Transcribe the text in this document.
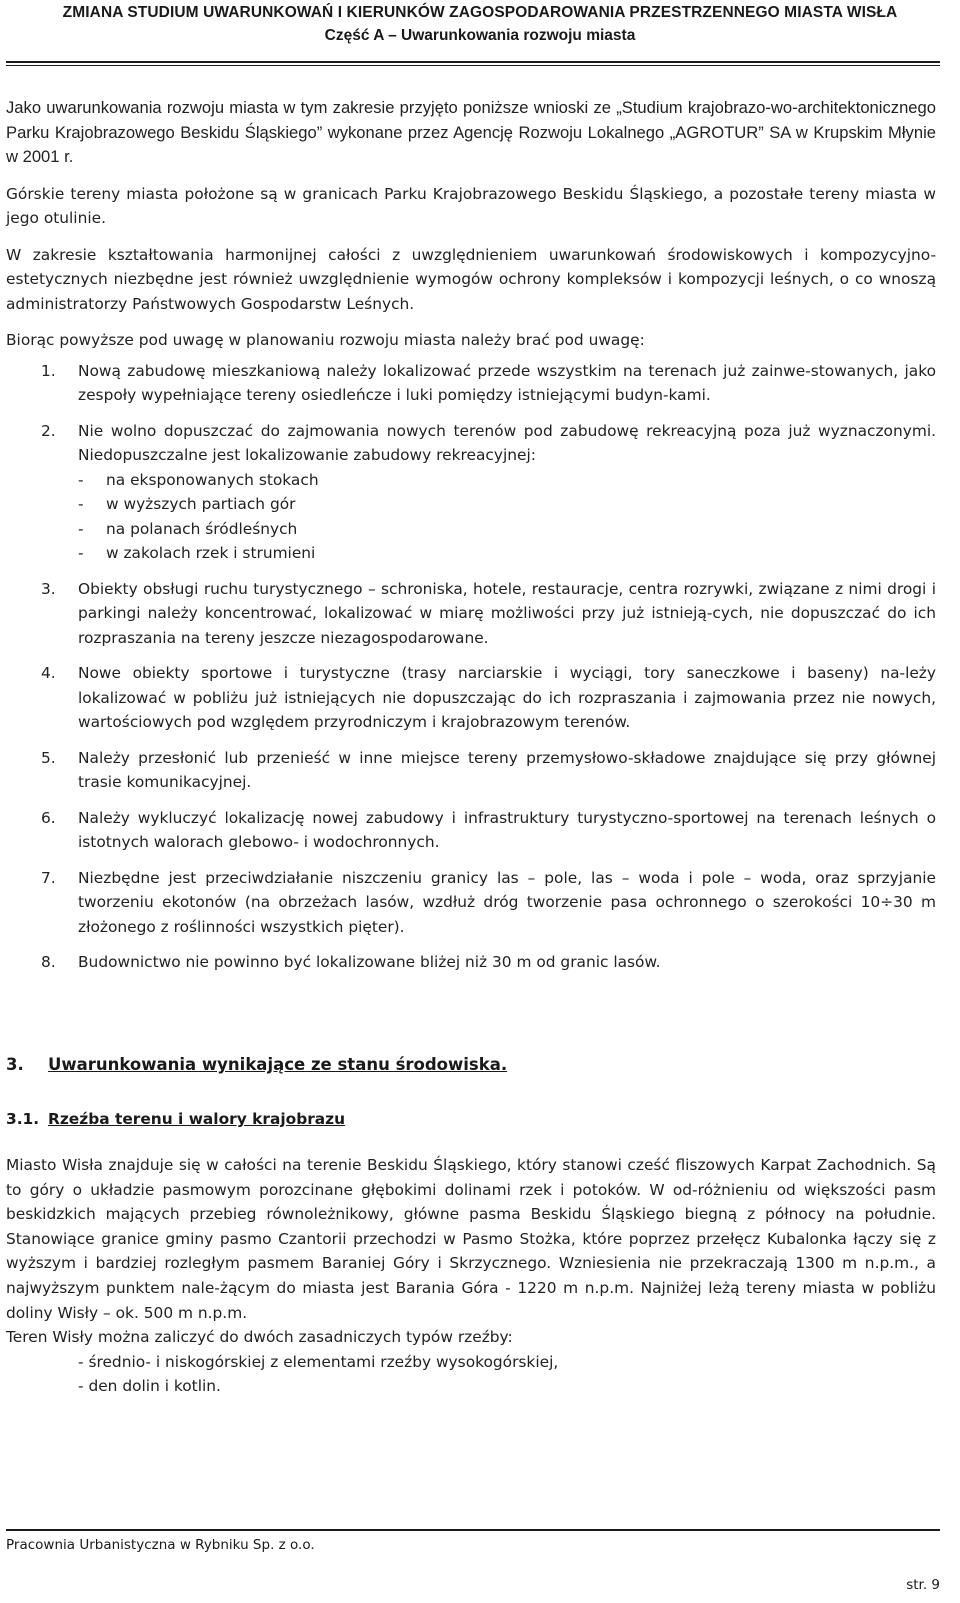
ZMIANA STUDIUM UWARUNKOWAŃ I KIERUNKÓW ZAGOSPODAROWANIA PRZESTRZENNEGO MIASTA WISŁA
Część A – Uwarunkowania rozwoju miasta

Jako uwarunkowania rozwoju miasta w tym zakresie przyjęto poniższe wnioski ze „Studium krajobrazo-wo-architektonicznego Parku Krajobrazowego Beskidu Śląskiego” wykonane przez Agencję Rozwoju Lokalnego „AGROTUR” SA w Krupskim Młynie w 2001 r.

Górskie tereny miasta położone są w granicach Parku Krajobrazowego Beskidu Śląskiego, a pozostałe tereny miasta w jego otulinie.

W zakresie kształtowania harmonijnej całości z uwzględnieniem uwarunkowań środowiskowych i kompozycyjno-estetycznych niezbędne jest również uwzględnienie wymogów ochrony kompleksów i kompozycji leśnych, o co wnoszą administratorzy Państwowych Gospodarstw Leśnych.

Biorąc powyższe pod uwagę w planowaniu rozwoju miasta należy brać pod uwagę:

1.	Nową zabudowę mieszkaniową należy lokalizować przede wszystkim na terenach już zainwe-stowanych, jako zespoły wypełniające tereny osiedleńcze i luki pomiędzy istniejącymi budyn-kami.
2.	Nie wolno dopuszczać do zajmowania nowych terenów pod zabudowę rekreacyjną poza już wyznaczonymi. Niedopuszczalne jest lokalizowanie zabudowy rekreacyjnej:
-	na eksponowanych stokach
-	w wyższych partiach gór
-	na polanach śródleśnych
-	w zakolach rzek i strumieni
3.	Obiekty obsługi ruchu turystycznego – schroniska, hotele, restauracje, centra rozrywki, związane z nimi drogi i parkingi należy koncentrować, lokalizować w miarę możliwości przy już istnieją-cych, nie dopuszczać do ich rozpraszania na tereny jeszcze niezagospodarowane.
4.	Nowe obiekty sportowe i turystyczne (trasy narciarskie i wyciągi, tory saneczkowe i baseny) na-leży lokalizować w pobliżu już istniejących nie dopuszczając do ich rozpraszania i zajmowania przez nie nowych, wartościowych pod względem przyrodniczym i krajobrazowym terenów.
5.	Należy przesłonić lub przenieść w inne miejsce tereny przemysłowo-składowe znajdujące się przy głównej trasie komunikacyjnej.
6.	Należy wykluczyć lokalizację nowej zabudowy i infrastruktury turystyczno-sportowej na terenach leśnych o istotnych walorach glebowo- i wodochronnych.
7.	Niezbędne jest przeciwdziałanie niszczeniu granicy las – pole, las – woda i pole – woda, oraz sprzyjanie tworzeniu ekotonów (na obrzeżach lasów, wzdłuż dróg tworzenie pasa ochronnego o szerokości 10÷30 m złożonego z roślinności wszystkich pięter).
8.	Budownictwo nie powinno być lokalizowane bliżej niż 30 m od granic lasów.
3. Uwarunkowania wynikające ze stanu środowiska.
3.1. Rzeźba terenu i walory krajobrazu

Miasto Wisła znajduje się w całości na terenie Beskidu Śląskiego, który stanowi cześć fliszowych Karpat Zachodnich. Są to góry o układzie pasmowym porozcinane głębokimi dolinami rzek i potoków. W od-różnieniu od większości pasm beskidzkich mających przebieg równoleżnikowy, główne pasma Beskidu Śląskiego biegną z północy na południe. Stanowiące granice gminy pasmo Czantorii przechodzi w Pasmo Stożka, które poprzez przełęcz Kubalonka łączy się z wyższym i bardziej rozległym pasmem Baraniej Góry i Skrzycznego. Wzniesienia nie przekraczają 1300 m n.p.m., a najwyższym punktem nale-żącym do miasta jest Barania Góra - 1220 m n.p.m. Najniżej leżą tereny miasta w pobliżu doliny Wisły – ok. 500 m n.p.m.

Teren Wisły można zaliczyć do dwóch zasadniczych typów rzeźby:

- średnio- i niskogórskiej z elementami rzeźby wysokogórskiej,

- den dolin i kotlin.

Pracownia Urbanistyczna w Rybniku Sp. z o.o.
str. 9
